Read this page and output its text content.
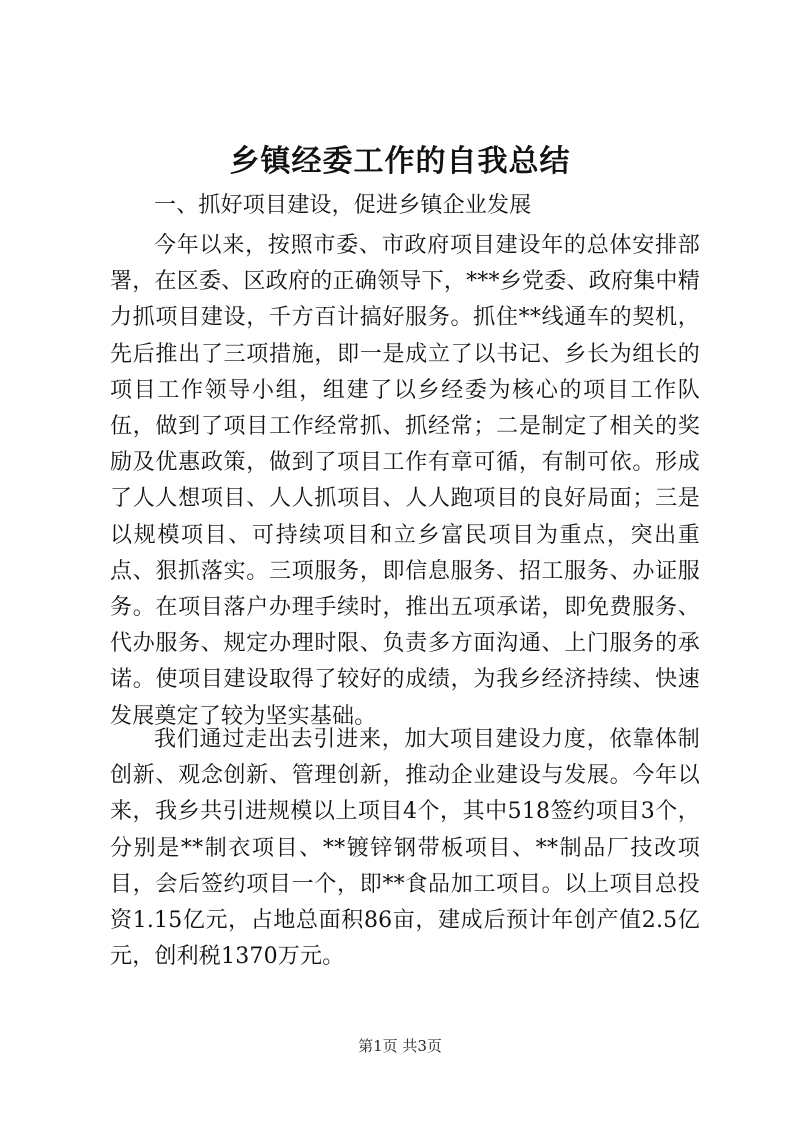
乡镇经委工作的自我总结
一、抓好项目建设，促进乡镇企业发展
今年以来，按照市委、市政府项目建设年的总体安排部署，在区委、区政府的正确领导下，***乡党委、政府集中精力抓项目建设，千方百计搞好服务。抓住**线通车的契机，先后推出了三项措施，即一是成立了以书记、乡长为组长的项目工作领导小组，组建了以乡经委为核心的项目工作队伍，做到了项目工作经常抓、抓经常；二是制定了相关的奖励及优惠政策，做到了项目工作有章可循，有制可依。形成了人人想项目、人人抓项目、人人跑项目的良好局面；三是以规模项目、可持续项目和立乡富民项目为重点，突出重点、狠抓落实。三项服务，即信息服务、招工服务、办证服务。在项目落户办理手续时，推出五项承诺，即免费服务、代办服务、规定办理时限、负责多方面沟通、上门服务的承诺。使项目建设取得了较好的成绩，为我乡经济持续、快速发展奠定了较为坚实基础。
我们通过走出去引进来，加大项目建设力度，依靠体制创新、观念创新、管理创新，推动企业建设与发展。今年以来，我乡共引进规模以上项目4个，其中518签约项目3个，分别是**制衣项目、**镀锌钢带板项目、**制品厂技改项目，会后签约项目一个，即**食品加工项目。以上项目总投资1.15亿元，占地总面积86亩，建成后预计年创产值2.5亿元，创利税1370万元。
第1页 共3页
